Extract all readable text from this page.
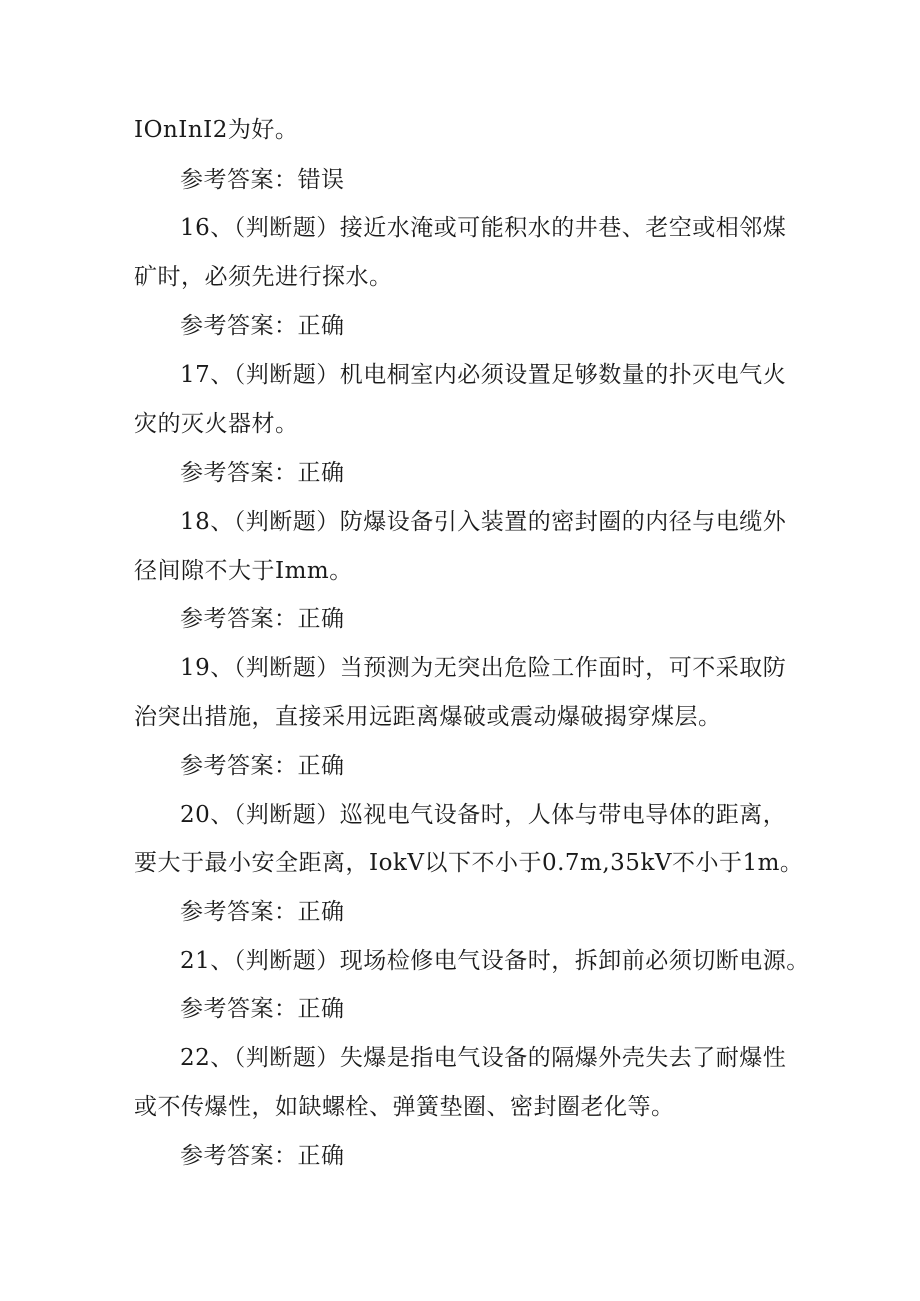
IOnInI2为好。
参考答案：错误
16、（判断题）接近水淹或可能积水的井巷、老空或相邻煤
矿时，必须先进行探水。
参考答案：正确
17、（判断题）机电桐室内必须设置足够数量的扑灭电气火
灾的灭火器材。
参考答案：正确
18、（判断题）防爆设备引入装置的密封圈的内径与电缆外
径间隙不大于Imm。
参考答案：正确
19、（判断题）当预测为无突出危险工作面时，可不采取防
治突出措施，直接采用远距离爆破或震动爆破揭穿煤层。
参考答案：正确
20、（判断题）巡视电气设备时，人体与带电导体的距离，
要大于最小安全距离，IokV以下不小于0.7m,35kV不小于1m。
参考答案：正确
21、（判断题）现场检修电气设备时，拆卸前必须切断电源。
参考答案：正确
22、（判断题）失爆是指电气设备的隔爆外壳失去了耐爆性
或不传爆性，如缺螺栓、弹簧垫圈、密封圈老化等。
参考答案：正确
